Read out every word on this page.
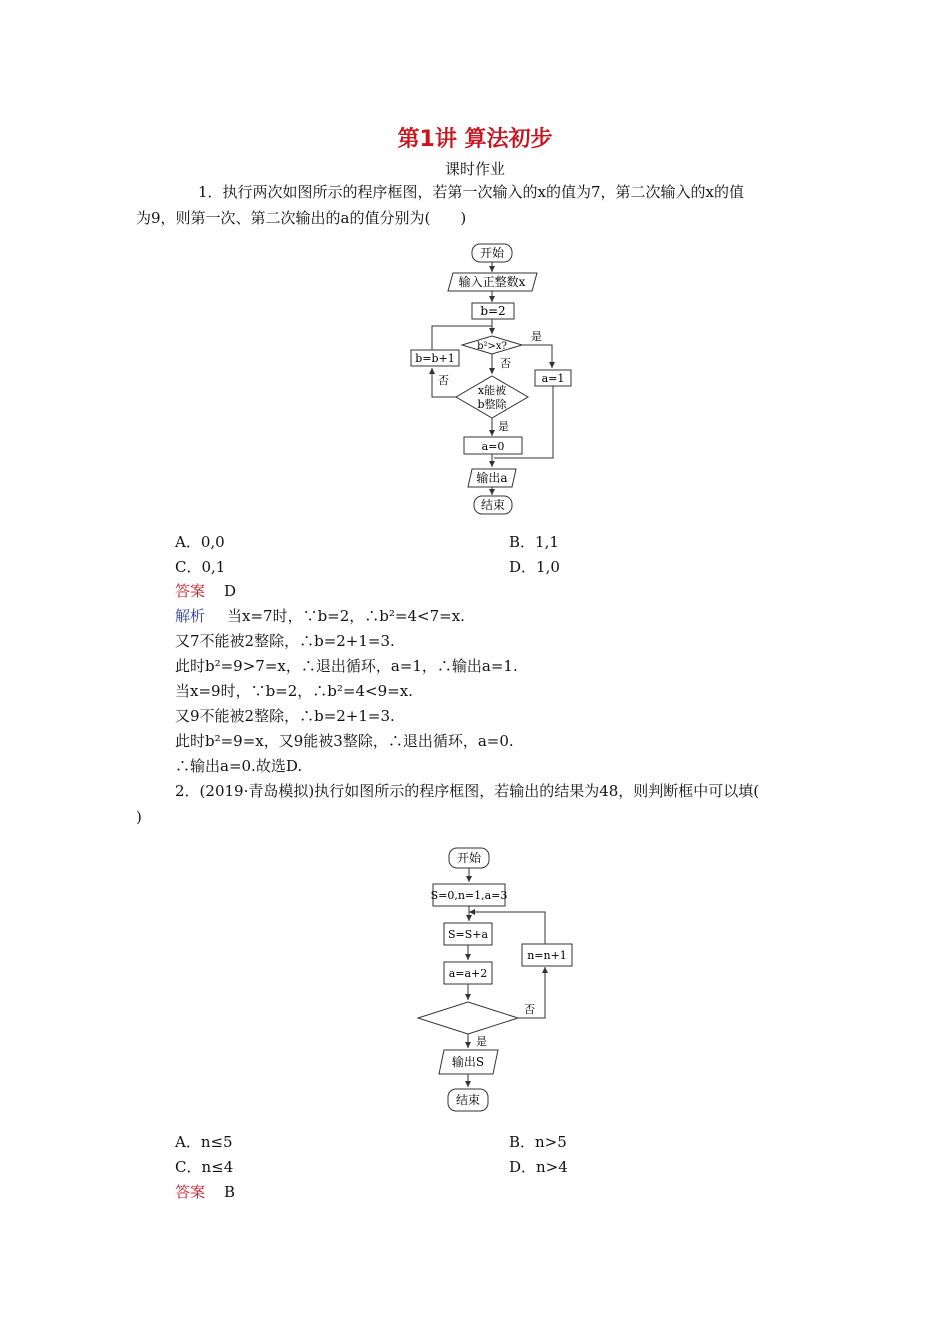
第1讲 算法初步
课时作业
1．执行两次如图所示的程序框图，若第一次输入的x的值为7，第二次输入的x的值
为9，则第一次、第二次输出的a的值分别为(　　)
开始
输入正整数x
b=2
b²>x?
是
a=1
否
x能被
b整除
否
b=b+1
是
a=0
输出a
结束
A．0,0	B．1,1
C．0,1	D．1,0
答案 D
解析 当x=7时，∵b=2，∴b²=4<7=x.
又7不能被2整除，∴b=2+1=3.
此时b²=9>7=x，∴退出循环，a=1，∴输出a=1.
当x=9时，∵b=2，∴b²=4<9=x.
又9不能被2整除，∴b=2+1=3.
此时b²=9=x，又9能被3整除，∴退出循环，a=0.
∴输出a=0.故选D.
2．(2019·青岛模拟)执行如图所示的程序框图，若输出的结果为48，则判断框中可以填(
)
开始
S=0,n=1,a=3
S=S+a
a=a+2
否
n=n+1
是
输出S
结束
A．n≤5	B．n>5
C．n≤4	D．n>4
答案 B
